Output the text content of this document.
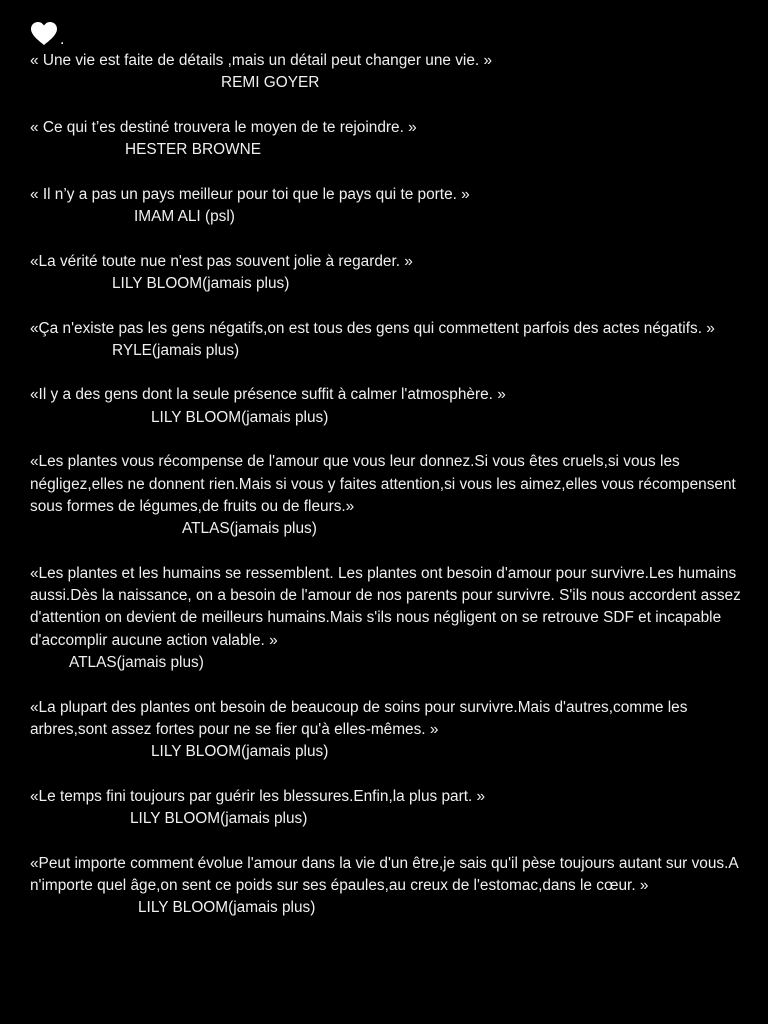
.

« Une vie est faite de détails ,mais un détail peut changer une vie. »

REMI GOYER

« Ce qui t’es destiné trouvera le moyen de te rejoindre. »

HESTER BROWNE

« Il n’y a pas un pays meilleur pour toi que le pays qui te porte. »

IMAM ALI (psl)

«La vérité toute nue n'est pas souvent jolie à regarder. »

LILY BLOOM(jamais plus)

«Ça n'existe pas les gens négatifs,on est tous des gens qui commettent parfois des actes négatifs. »

RYLE(jamais plus)

«Il y a des gens dont la seule présence suffit à calmer l'atmosphère. »

LILY BLOOM(jamais plus)

«Les plantes vous récompense de l'amour que vous leur donnez.Si vous êtes cruels,si vous les négligez,elles ne donnent rien.Mais si vous y faites attention,si vous les aimez,elles vous récompensent sous formes de légumes,de fruits ou de fleurs.»

ATLAS(jamais plus)

«Les plantes et les humains se ressemblent. Les plantes ont besoin d'amour pour survivre.Les humains aussi.Dès la naissance, on a besoin de l'amour de nos parents pour survivre. S'ils nous accordent assez d'attention on devient de meilleurs humains.Mais s'ils nous négligent on se retrouve SDF et incapable d'accomplir aucune action valable. »

ATLAS(jamais plus)

«La plupart des plantes ont besoin de beaucoup de soins pour survivre.Mais d'autres,comme les arbres,sont assez fortes pour ne se fier qu'à elles-mêmes. »

LILY BLOOM(jamais plus)

«Le temps fini toujours par guérir les blessures.Enfin,la plus part. »

LILY BLOOM(jamais plus)

«Peut importe comment évolue l'amour dans la vie d'un être,je sais qu'il pèse toujours autant sur vous.A n'importe quel âge,on sent ce poids sur ses épaules,au creux de l'estomac,dans le cœur. »

LILY BLOOM(jamais plus)
